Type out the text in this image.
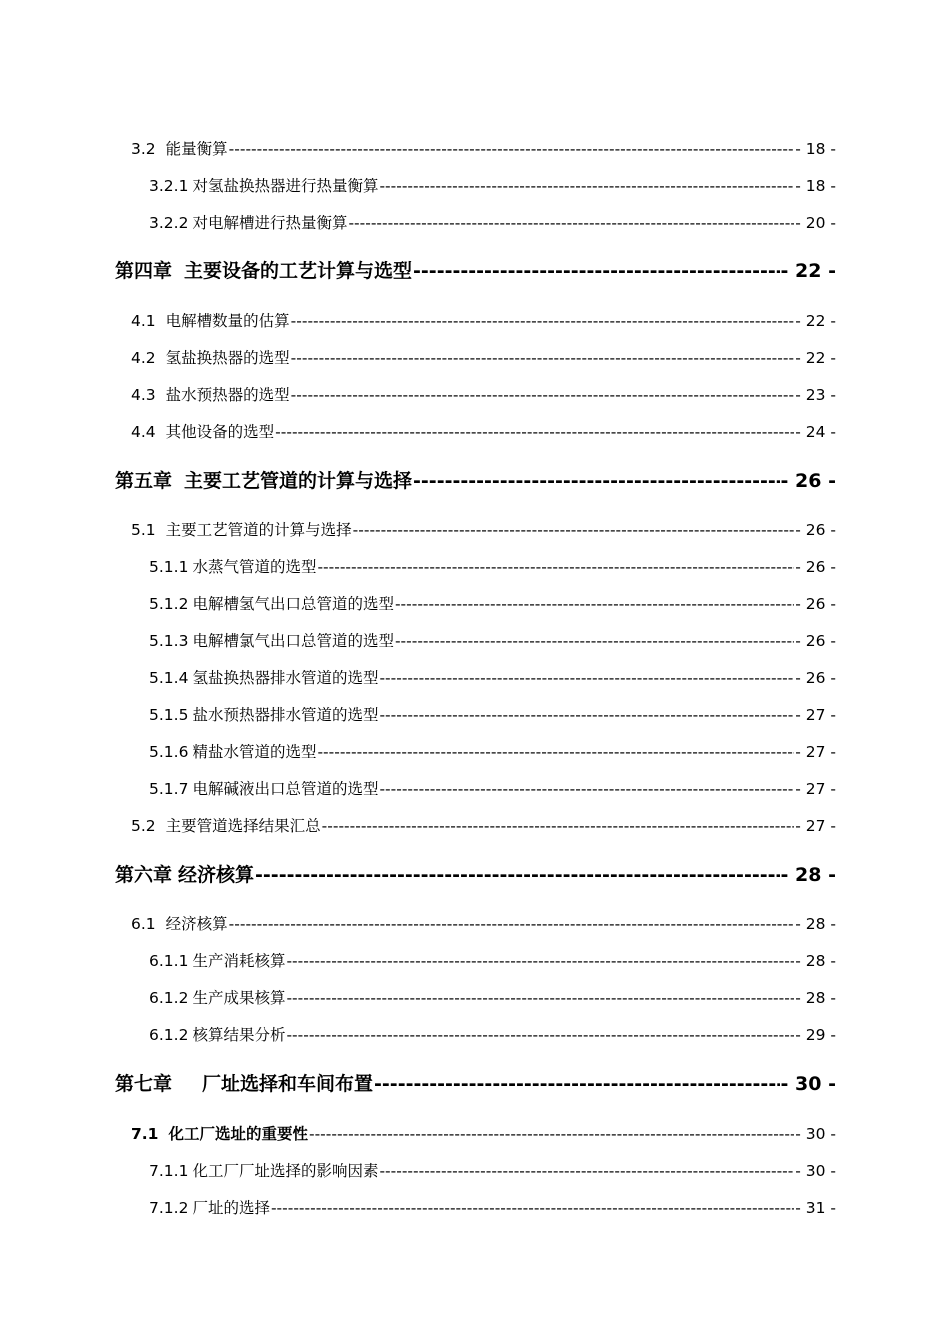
3.2 能量衡算 -----	- 18 -
3.2.1 对氢盐换热器进行热量衡算 -----	- 18 -
3.2.2 对电解槽进行热量衡算 -----	- 20 -
第四章 主要设备的工艺计算与选型 -----	- 22 -
4.1 电解槽数量的估算 -----	- 22 -
4.2 氢盐换热器的选型 -----	- 22 -
4.3 盐水预热器的选型 -----	- 23 -
4.4 其他设备的选型 -----	- 24 -
第五章 主要工艺管道的计算与选择 -----	- 26 -
5.1 主要工艺管道的计算与选择 -----	- 26 -
5.1.1 水蒸气管道的选型 -----	- 26 -
5.1.2 电解槽氢气出口总管道的选型 -----	- 26 -
5.1.3 电解槽氯气出口总管道的选型 -----	- 26 -
5.1.4 氢盐换热器排水管道的选型 -----	- 26 -
5.1.5 盐水预热器排水管道的选型 -----	- 27 -
5.1.6 精盐水管道的选型 -----	- 27 -
5.1.7 电解碱液出口总管道的选型 -----	- 27 -
5.2 主要管道选择结果汇总 -----	- 27 -
第六章 经济核算 -----	- 28 -
6.1 经济核算 -----	- 28 -
6.1.1 生产消耗核算 -----	- 28 -
6.1.2 生产成果核算 -----	- 28 -
6.1.2 核算结果分析 -----	- 29 -
第七章 厂址选择和车间布置 -----	- 30 -
7.1 化工厂选址的重要性 -----	- 30 -
7.1.1 化工厂厂址选择的影响因素 -----	- 30 -
7.1.2 厂址的选择 -----	- 31 -
